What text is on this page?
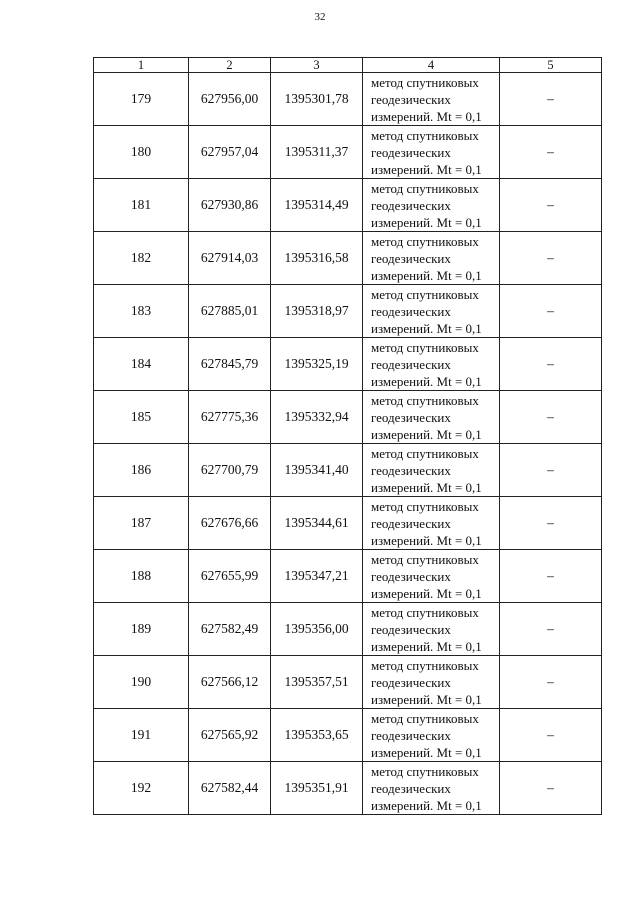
32
1	2	3	4	5
179	627956,00	1395301,78	метод спутниковых
геодезических
измерений. Mt = 0,1	–
180	627957,04	1395311,37	метод спутниковых
геодезических
измерений. Mt = 0,1	–
181	627930,86	1395314,49	метод спутниковых
геодезических
измерений. Mt = 0,1	–
182	627914,03	1395316,58	метод спутниковых
геодезических
измерений. Mt = 0,1	–
183	627885,01	1395318,97	метод спутниковых
геодезических
измерений. Mt = 0,1	–
184	627845,79	1395325,19	метод спутниковых
геодезических
измерений. Mt = 0,1	–
185	627775,36	1395332,94	метод спутниковых
геодезических
измерений. Mt = 0,1	–
186	627700,79	1395341,40	метод спутниковых
геодезических
измерений. Mt = 0,1	–
187	627676,66	1395344,61	метод спутниковых
геодезических
измерений. Mt = 0,1	–
188	627655,99	1395347,21	метод спутниковых
геодезических
измерений. Mt = 0,1	–
189	627582,49	1395356,00	метод спутниковых
геодезических
измерений. Mt = 0,1	–
190	627566,12	1395357,51	метод спутниковых
геодезических
измерений. Mt = 0,1	–
191	627565,92	1395353,65	метод спутниковых
геодезических
измерений. Mt = 0,1	–
192	627582,44	1395351,91	метод спутниковых
геодезических
измерений. Mt = 0,1	–
